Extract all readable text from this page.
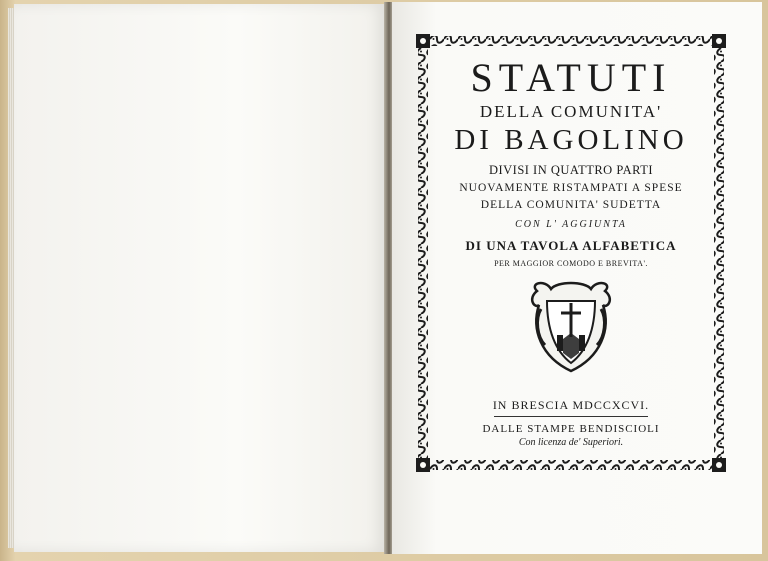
STATUTI
DELLA COMUNITA'
DI BAGOLINO
DIVISI IN QUATTRO PARTI
NUOVAMENTE RISTAMPATI A SPESE
DELLA COMUNITA' SUDETTA
CON L' AGGIUNTA
DI UNA TAVOLA ALFABETICA
PER MAGGIOR COMODO E BREVITA'.
IN BRESCIA MDCCXCVI.
DALLE STAMPE BENDISCIOLI
Con licenza de' Superiori.
